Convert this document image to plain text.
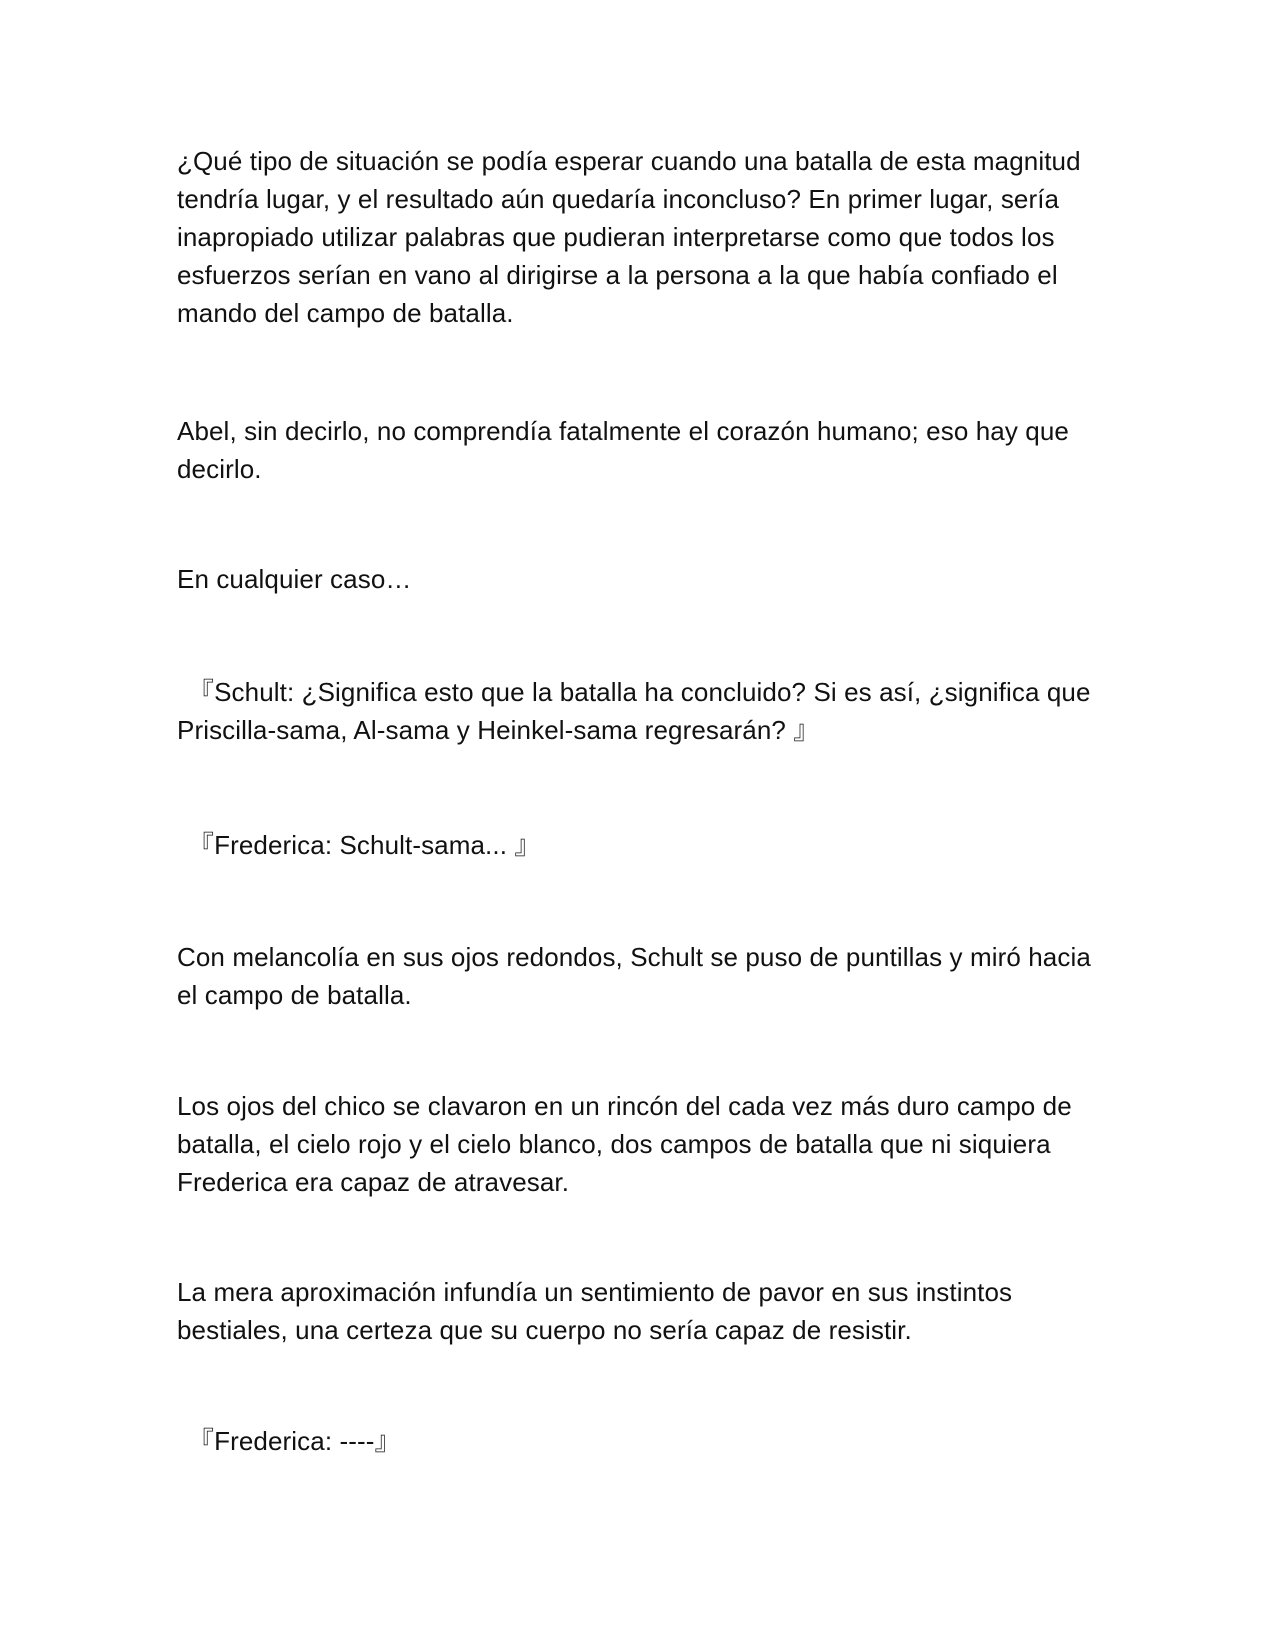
¿Qué tipo de situación se podía esperar cuando una batalla de esta magnitud
tendría lugar, y el resultado aún quedaría inconcluso? En primer lugar, sería
inapropiado utilizar palabras que pudieran interpretarse como que todos los
esfuerzos serían en vano al dirigirse a la persona a la que había confiado el
mando del campo de batalla.

Abel, sin decirlo, no comprendía fatalmente el corazón humano; eso hay que
decirlo.

En cualquier caso…

『Schult: ¿Significa esto que la batalla ha concluido? Si es así, ¿significa que
Priscilla-sama, Al-sama y Heinkel-sama regresarán? 』

『Frederica: Schult-sama... 』

Con melancolía en sus ojos redondos, Schult se puso de puntillas y miró hacia
el campo de batalla.

Los ojos del chico se clavaron en un rincón del cada vez más duro campo de
batalla, el cielo rojo y el cielo blanco, dos campos de batalla que ni siquiera
Frederica era capaz de atravesar.

La mera aproximación infundía un sentimiento de pavor en sus instintos
bestiales, una certeza que su cuerpo no sería capaz de resistir.

『Frederica: ----』
